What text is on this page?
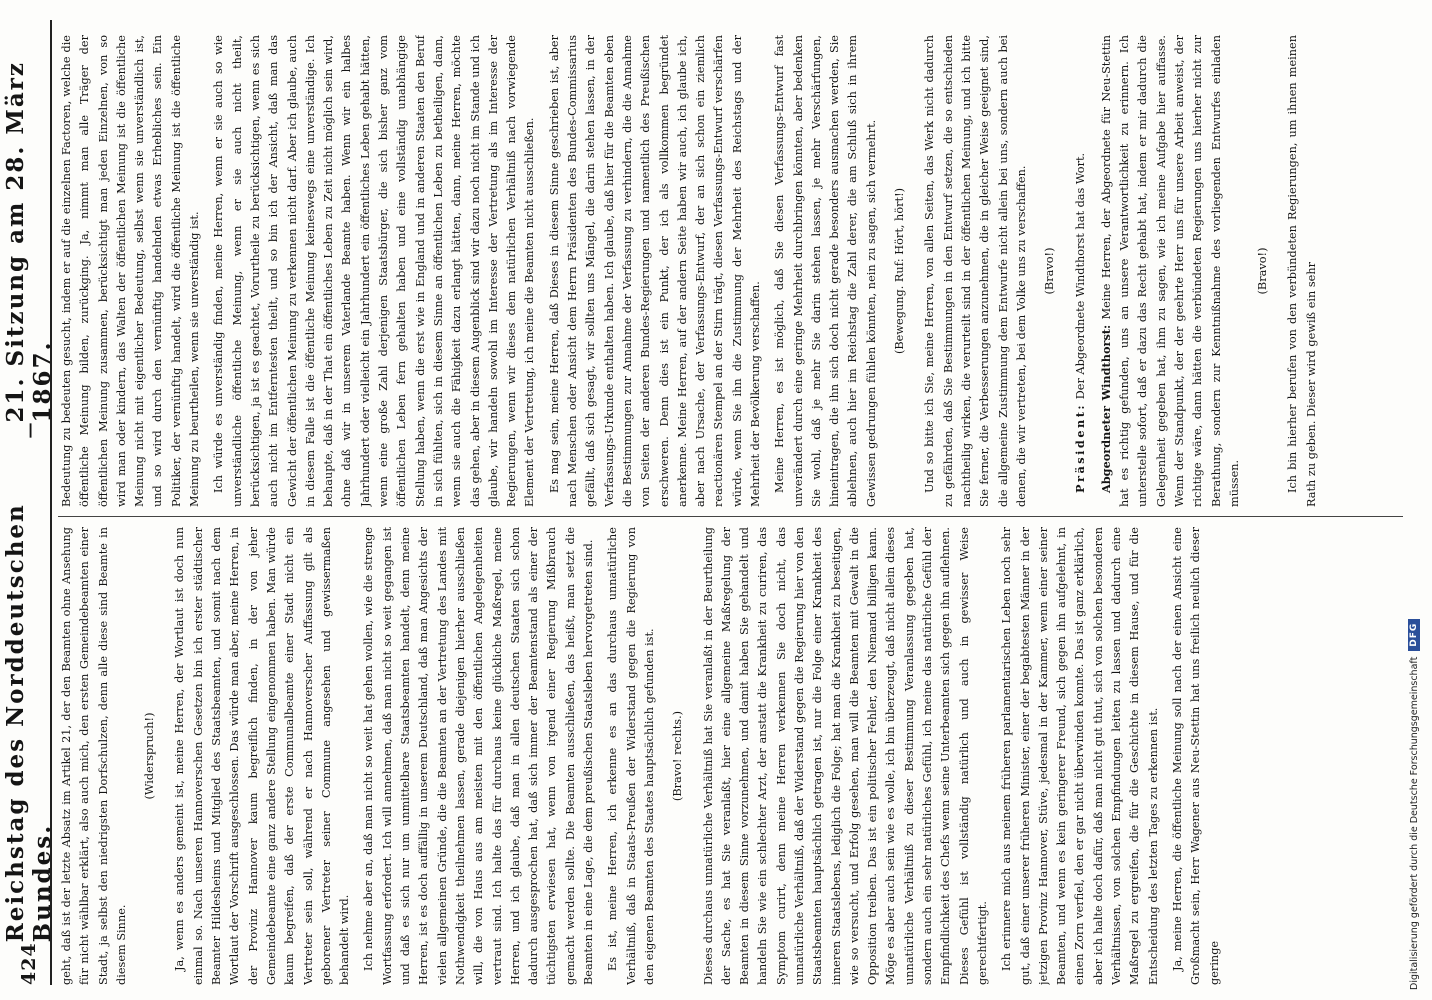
424
Reichstag des Norddeutschen Bundes.
—
21. Sitzung am 28. März 1867.

geht, daß ist der letzte Absatz im Artikel 21, der den Beamten ohne Ansehung für nicht wählbar erklärt, also auch mich, den ersten Gemeindebeamten einer Stadt, ja selbst den niedrigsten Dorfschulzen, denn alle diese sind Beamte in diesem Sinne.

(Widerspruch!) Ja, wenn es anders gemeint ist, meine Herren, der Wortlaut ist doch nun einmal so. Nach unseren Hannoverschen Gesetzen bin ich erster städtischer Beamter Hildesheims und Mitglied des Staatsbeamten, und somit nach dem Wortlaut der Vorschrift ausgeschlossen. Das würde man aber, meine Herren, in der Provinz Hannover kaum begreiflich finden, in der von jeher Gemeindebeamte eine ganz andere Stellung eingenommen haben. Man würde kaum begreifen, daß der erste Communalbeamte einer Stadt nicht ein Vertreter sein soll, während er nach Hannoverscher Auffassung gilt als geborener Vertreter seiner Commune angesehen und gewissermaßen behandelt wird. Ich nehme aber an, daß man nicht so weit hat gehen wollen, wie die strenge Wortfassung erfordert. Ich will annehmen, daß man nicht so weit gegangen ist und daß es sich nur um unmittelbare Staatsbeamten handelt, denn meine Herren, ist es doch auffällig in unserem Deutschland, daß man Angesichts der vielen allgemeinen Gründe, die die Beamten an der Vertretung des Landes mit Nothwendigkeit theilnehmen lassen, gerade diejenigen hierher ausschließen will, die von Haus aus am meisten mit den öffentlichen Angelegenheiten vertraut sind. Ich halte das für durchaus keine glückliche Maßregel, meine Herren, und ich glaube, daß man in allen deutschen Staaten sich schon dadurch ausgesprochen hat, daß sich immer der Beamtenstand als einer der tüchtigsten erwiesen hat, wenn von irgend einer Regierung Mißbrauch gemacht werden sollte. Die Beamten ausschließen, das heißt, man setzt die Beamten in eine Lage, die dem preußischen Staatsleben hervorgetreten sind. Es ist, meine Herren, ich erkenne es an das durchaus unnatürliche Verhältniß, daß in Staats-Preußen der Widerstand gegen die Regierung von den eigenen Beamten des Staates hauptsächlich gefunden ist. (Bravo! rechts.) Dieses durchaus unnatürliche Verhältniß hat Sie veranlaßt in der Beurtheilung der Sache, es hat Sie veranlaßt, hier eine allgemeine Maßregelung der Beamten in diesem Sinne vorzunehmen, und damit haben Sie gehandelt und handeln Sie wie ein schlechter Arzt, der anstatt die Krankheit zu curiren, das Symptom curirt, denn meine Herren verkennen Sie doch nicht, das unnatürliche Verhältniß, daß der Widerstand gegen die Regierung hier von den Staatsbeamten hauptsächlich getragen ist, nur die Folge einer Krankheit des inneren Staatslebens, lediglich die Folge; hat man die Krankheit zu beseitigen, wie so versucht, und Erfolg gesehen, man will die Beamten mit Gewalt in die Opposition treiben. Das ist ein politischer Fehler, den Niemand billigen kann. Möge es aber auch sein wie es wolle, ich bin überzeugt, daß nicht allein dieses unnatürliche Verhältniß zu dieser Bestimmung Veranlassung gegeben hat, sondern auch ein sehr natürliches Gefühl, ich meine das natürliche Gefühl der Empfindlichkeit des Chefs wenn seine Unterbeamten sich gegen ihn auflehnen. Dieses Gefühl ist vollständig natürlich und auch in gewisser Weise gerechtfertigt. Ich erinnere mich aus meinem früheren parlamentarischen Leben noch sehr gut, daß einer unserer früheren Minister, einer der begabtesten Männer in der jetzigen Provinz Hannover, Stüve, jedesmal in der Kammer, wenn einer seiner Beamten, und wenn es kein geringerer Freund, sich gegen ihn aufgelehnt, in einen Zorn verfiel, den er gar nicht überwinden konnte. Das ist ganz erklärlich, aber ich halte doch dafür, daß man nicht gut thut, sich von solchen besonderen Verhältnissen, von solchen Empfindungen leiten zu lassen und dadurch eine Maßregel zu ergreifen, die für die Geschichte in diesem Hause, und für die Entscheidung des letzten Tages zu erkennen ist. Ja, meine Herren, die öffentliche Meinung soll nach der einen Ansicht eine Großmacht sein, Herr Wagener aus Neu-Stettin hat uns freilich neulich dieser geringe

Bedeutung zu bedeuten gesucht, indem er auf die einzelnen Factoren, welche die öffentliche Meinung bilden, zurückging. Ja, nimmt man alle Träger der öffentlichen Meinung zusammen, berücksichtigt man jeden Einzelnen, von so wird man oder kindern, das Walten der öffentlichen Meinung ist die öffentliche Meinung nicht mit eigentlicher Bedeutung, selbst wenn sie unverständlich ist, und so wird durch den vernünftig handelnden etwas Erhebliches sein. Ein Politiker, der vernünftig handelt, wird die öffentliche Meinung ist die öffentliche Meinung zu beurtheilen, wenn sie unverständig ist. Ich würde es unverständig finden, meine Herren, wenn er sie auch so wie unverständliche öffentliche Meinung, wenn er sie auch nicht theilt, berücksichtigen, ja ist es geachtet, Vorurtheile zu berücksichtigen, wenn es sich auch nicht im Entferntesten theilt, und so bin ich der Ansicht, daß man das Gewicht der öffentlichen Meinung zu verkennen nicht darf. Aber ich glaube, auch in diesem Falle ist die öffentliche Meinung keineswegs eine unverständige. Ich behaupte, daß in der That ein öffentliches Leben zu Zeit nicht möglich sein wird, ohne daß wir in unserem Vaterlande Beamte haben. Wenn wir ein halbes Jahrhundert oder vielleicht ein Jahrhundert ein öffentliches Leben gehabt hätten, wenn eine große Zahl derjenigen Staatsbürger, die sich bisher ganz vom öffentlichen Leben fern gehalten haben und eine vollständig unabhängige Stellung haben, wenn die erst wie in England und in anderen Staaten den Beruf in sich fühlten, sich in diesem Sinne an öffentlichen Leben zu betheiligen, dann, wenn sie auch die Fähigkeit dazu erlangt hätten, dann, meine Herren, möchte das gehen, aber in diesem Augenblick sind wir dazu noch nicht im Stande und ich glaube, wir handeln sowohl im Interesse der Vertretung als im Interesse der Regierungen, wenn wir dieses dem natürlichen Verhältniß nach vorwiegende Element der Vertretung, ich meine die Beamten nicht ausschließen. Es mag sein, meine Herren, daß Dieses in diesem Sinne geschrieben ist, aber nach Menschen oder Ansicht dem Herrn Präsidenten des Bundes-Commissarius gefällt, daß sich gesagt, wir sollten uns Mängel, die darin stehen lassen, in der Verfassungs-Urkunde enthalten haben. Ich glaube, daß hier für die Beamten eben die Bestimmungen zur Annahme der Verfassung zu verhindern, die die Annahme von Seiten der anderen Bundes-Regierungen und namentlich des Preußischen erschweren. Denn dies ist ein Punkt, der ich als vollkommen begründet anerkenne. Meine Herren, auf der andern Seite haben wir auch, ich glaube ich, aber nach Ursache, der Verfassungs-Entwurf, der an sich schon ein ziemlich reactionären Stempel an der Stirn trägt, diesen Verfassungs-Entwurf verschärfen würde, wenn Sie ihn die Zustimmung der Mehrheit des Reichstags und der Mehrheit der Bevölkerung verschaffen. Meine Herren, es ist möglich, daß Sie diesen Verfassungs-Entwurf fast unverändert durch eine geringe Mehrheit durchbringen könnten, aber bedenken Sie wohl, daß je mehr Sie darin stehen lassen, je mehr Verschärfungen, hineintragen, die ihn sich doch nicht gerade besonders ausmachen werden, Sie ablehnen, auch hier im Reichstag die Zahl derer, die am Schluß sich in ihrem Gewissen gedrungen fühlen könnten, nein zu sagen, sich vermehrt. (Bewegung. Ruf: Hört, hört!) Und so bitte ich Sie, meine Herren, von allen Seiten, das Werk nicht dadurch zu gefährden, daß Sie Bestimmungen in den Entwurf setzen, die so entschieden nachtheilig wirken, die verurteilt sind in der öffentlichen Meinung, und ich bitte Sie ferner, die Verbesserungen anzunehmen, die in gleicher Weise geeignet sind, die allgemeine Zustimmung dem Entwurfe nicht allein bei uns, sondern auch bei denen, die wir vertreten, bei dem Volke uns zu verschaffen. (Bravo!)

Präsident: Der Abgeordnete Windthorst hat das Wort.

Abgeordneter Windthorst: Meine Herren, der Abgeordnete für Neu-Stettin hat es richtig gefunden, uns an unsere Verantwortlichkeit zu erinnern. Ich unterstelle sofort, daß er dazu das Recht gehabt hat, indem er mir dadurch die Gelegenheit gegeben hat, ihm zu sagen, wie ich meine Aufgabe hier auffasse. Wenn der Standpunkt, der der geehrte Herr uns für unsere Arbeit anweist, der richtige wäre, dann hätten die verbündeten Regierungen uns hierher nicht zur Berathung, sondern zur Kenntnißnahme des vorliegenden Entwurfes einladen müssen.

(Bravo!) Ich bin hierher berufen von den verbündeten Regierungen, um ihnen meinen Rath zu geben. Dieser wird gewiß ein sehr

Digitalisierung gefördert durch die Deutsche Forschungsgemeinschaft
DFG
